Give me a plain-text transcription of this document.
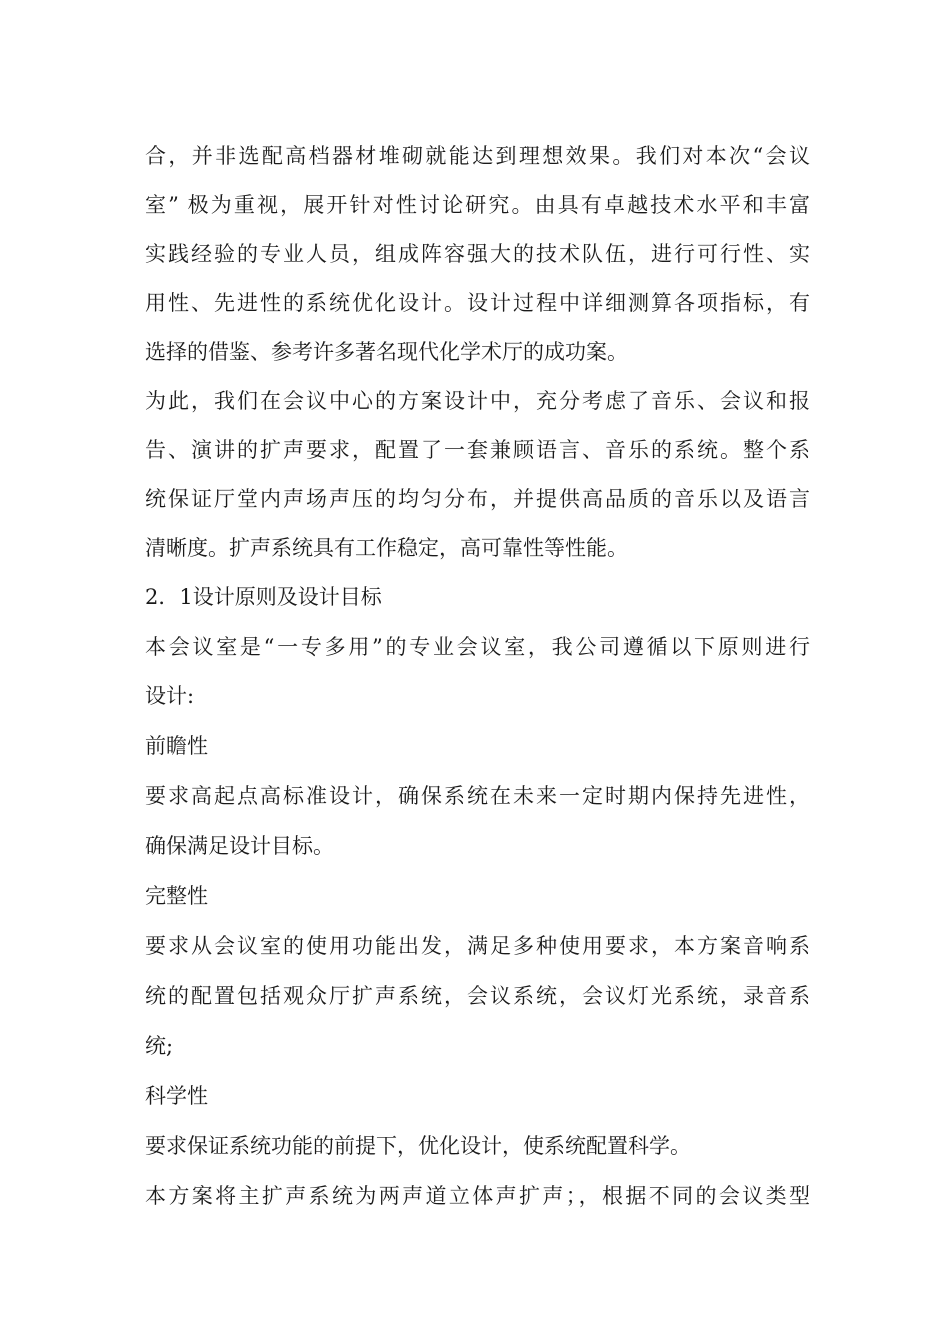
合，并非选配高档器材堆砌就能达到理想效果。我们对本次“会议
室” 极为重视，展开针对性讨论研究。由具有卓越技术水平和丰富
实践经验的专业人员，组成阵容强大的技术队伍，进行可行性、实
用性、先进性的系统优化设计。设计过程中详细测算各项指标，有
选择的借鉴、参考许多著名现代化学术厅的成功案。
为此，我们在会议中心的方案设计中，充分考虑了音乐、会议和报
告、演讲的扩声要求，配置了一套兼顾语言、音乐的系统。整个系
统保证厅堂内声场声压的均匀分布，并提供高品质的音乐以及语言
清晰度。扩声系统具有工作稳定，高可靠性等性能。
2．1设计原则及设计目标
本会议室是“一专多用”的专业会议室，我公司遵循以下原则进行
设计:
前瞻性
要求高起点高标准设计，确保系统在未来一定时期内保持先进性，
确保满足设计目标。
完整性
要求从会议室的使用功能出发，满足多种使用要求，本方案音响系
统的配置包括观众厅扩声系统，会议系统，会议灯光系统，录音系
统;
科学性
要求保证系统功能的前提下，优化设计，使系统配置科学。
本方案将主扩声系统为两声道立体声扩声；，根据不同的会议类型
